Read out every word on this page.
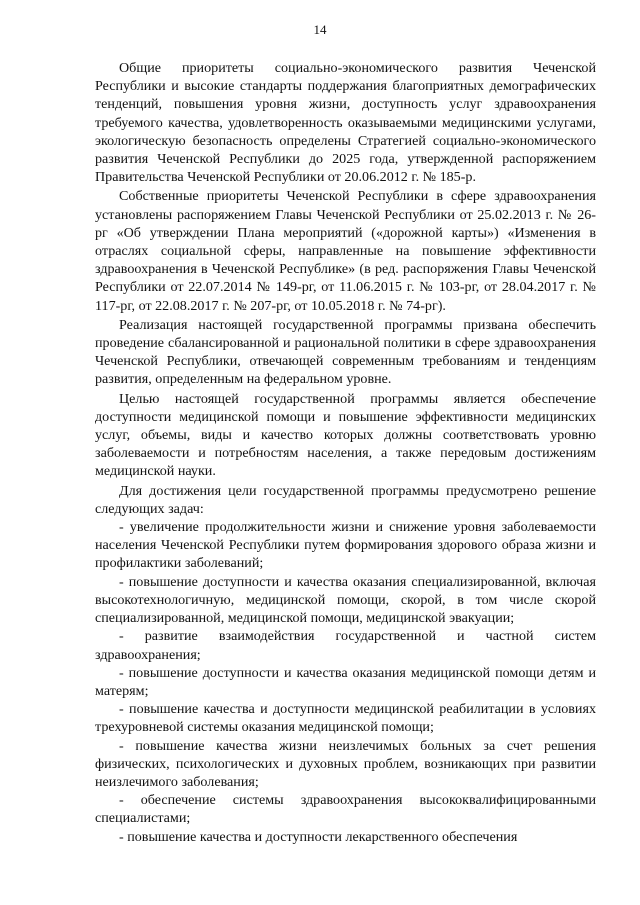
14

Общие приоритеты социально-экономического развития Чеченской Республики и высокие стандарты поддержания благоприятных демографических тенденций, повышения уровня жизни, доступность услуг здравоохранения требуемого качества, удовлетворенность оказываемыми медицинскими услугами, экологическую безопасность определены Стратегией социально-экономического развития Чеченской Республики до 2025 года, утвержденной распоряжением Правительства Чеченской Республики от 20.06.2012 г. № 185-р.

Собственные приоритеты Чеченской Республики в сфере здравоохранения установлены распоряжением Главы Чеченской Республики от 25.02.2013 г. № 26-рг «Об утверждении Плана мероприятий («дорожной карты») «Изменения в отраслях социальной сферы, направленные на повышение эффективности здравоохранения в Чеченской Республике» (в ред. распоряжения Главы Чеченской Республики от 22.07.2014 № 149-рг, от 11.06.2015 г. № 103-рг, от 28.04.2017 г. № 117-рг, от 22.08.2017 г. № 207-рг, от 10.05.2018 г. № 74-рг).

Реализация настоящей государственной программы призвана обеспечить проведение сбалансированной и рациональной политики в сфере здравоохранения Чеченской Республики, отвечающей современным требованиям и тенденциям развития, определенным на федеральном уровне.

Целью настоящей государственной программы является обеспечение доступности медицинской помощи и повышение эффективности медицинских услуг, объемы, виды и качество которых должны соответствовать уровню заболеваемости и потребностям населения, а также передовым достижениям медицинской науки.

Для достижения цели государственной программы предусмотрено решение следующих задач:

- увеличение продолжительности жизни и снижение уровня заболеваемости населения Чеченской Республики путем формирования здорового образа жизни и профилактики заболеваний;

- повышение доступности и качества оказания специализированной, включая высокотехнологичную, медицинской помощи, скорой, в том числе скорой специализированной, медицинской помощи, медицинской эвакуации;

- развитие взаимодействия государственной и частной систем здравоохранения;

- повышение доступности и качества оказания медицинской помощи детям и матерям;

- повышение качества и доступности медицинской реабилитации в условиях трехуровневой системы оказания медицинской помощи;

- повышение качества жизни неизлечимых больных за счет решения физических, психологических и духовных проблем, возникающих при развитии неизлечимого заболевания;

- обеспечение системы здравоохранения высококвалифицированными специалистами;

- повышение качества и доступности лекарственного обеспечения
